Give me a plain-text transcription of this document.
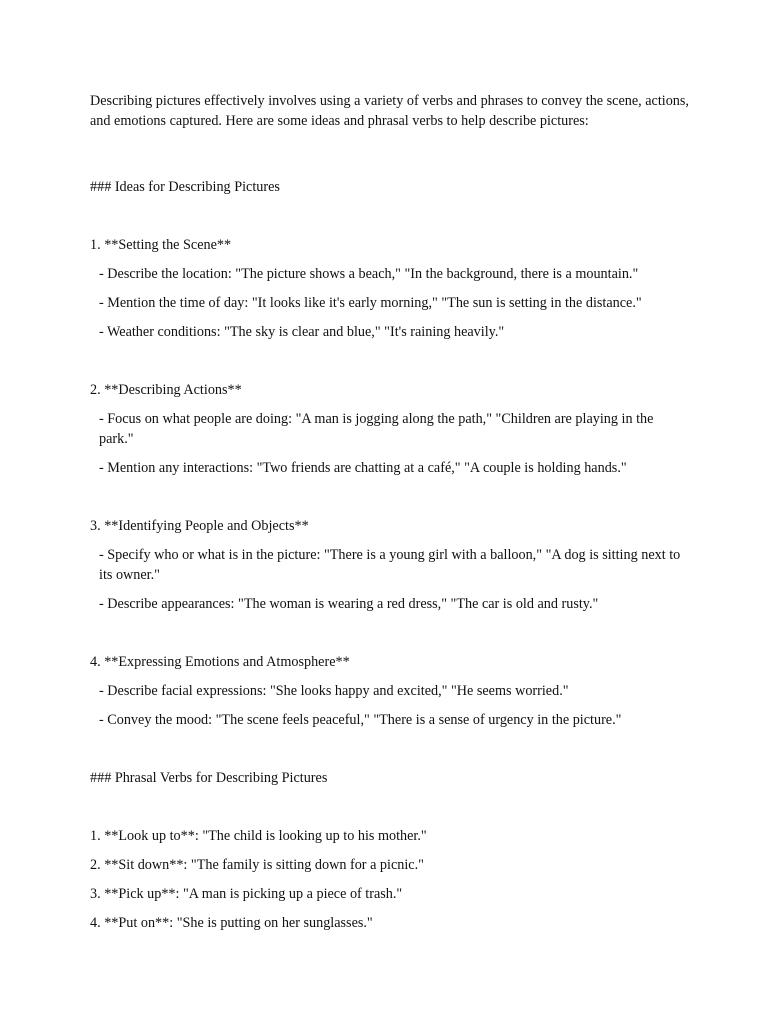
Describing pictures effectively involves using a variety of verbs and phrases to convey the scene, actions, and emotions captured. Here are some ideas and phrasal verbs to help describe pictures:

### Ideas for Describing Pictures

1. **Setting the Scene**
- Describe the location: "The picture shows a beach," "In the background, there is a mountain."
- Mention the time of day: "It looks like it's early morning," "The sun is setting in the distance."
- Weather conditions: "The sky is clear and blue," "It's raining heavily."
2. **Describing Actions**
- Focus on what people are doing: "A man is jogging along the path," "Children are playing in the park."
- Mention any interactions: "Two friends are chatting at a café," "A couple is holding hands."
3. **Identifying People and Objects**
- Specify who or what is in the picture: "There is a young girl with a balloon," "A dog is sitting next to its owner."
- Describe appearances: "The woman is wearing a red dress," "The car is old and rusty."
4. **Expressing Emotions and Atmosphere**
- Describe facial expressions: "She looks happy and excited," "He seems worried."
- Convey the mood: "The scene feels peaceful," "There is a sense of urgency in the picture."

### Phrasal Verbs for Describing Pictures

1. **Look up to**: "The child is looking up to his mother."
2. **Sit down**: "The family is sitting down for a picnic."
3. **Pick up**: "A man is picking up a piece of trash."
4. **Put on**: "She is putting on her sunglasses."
